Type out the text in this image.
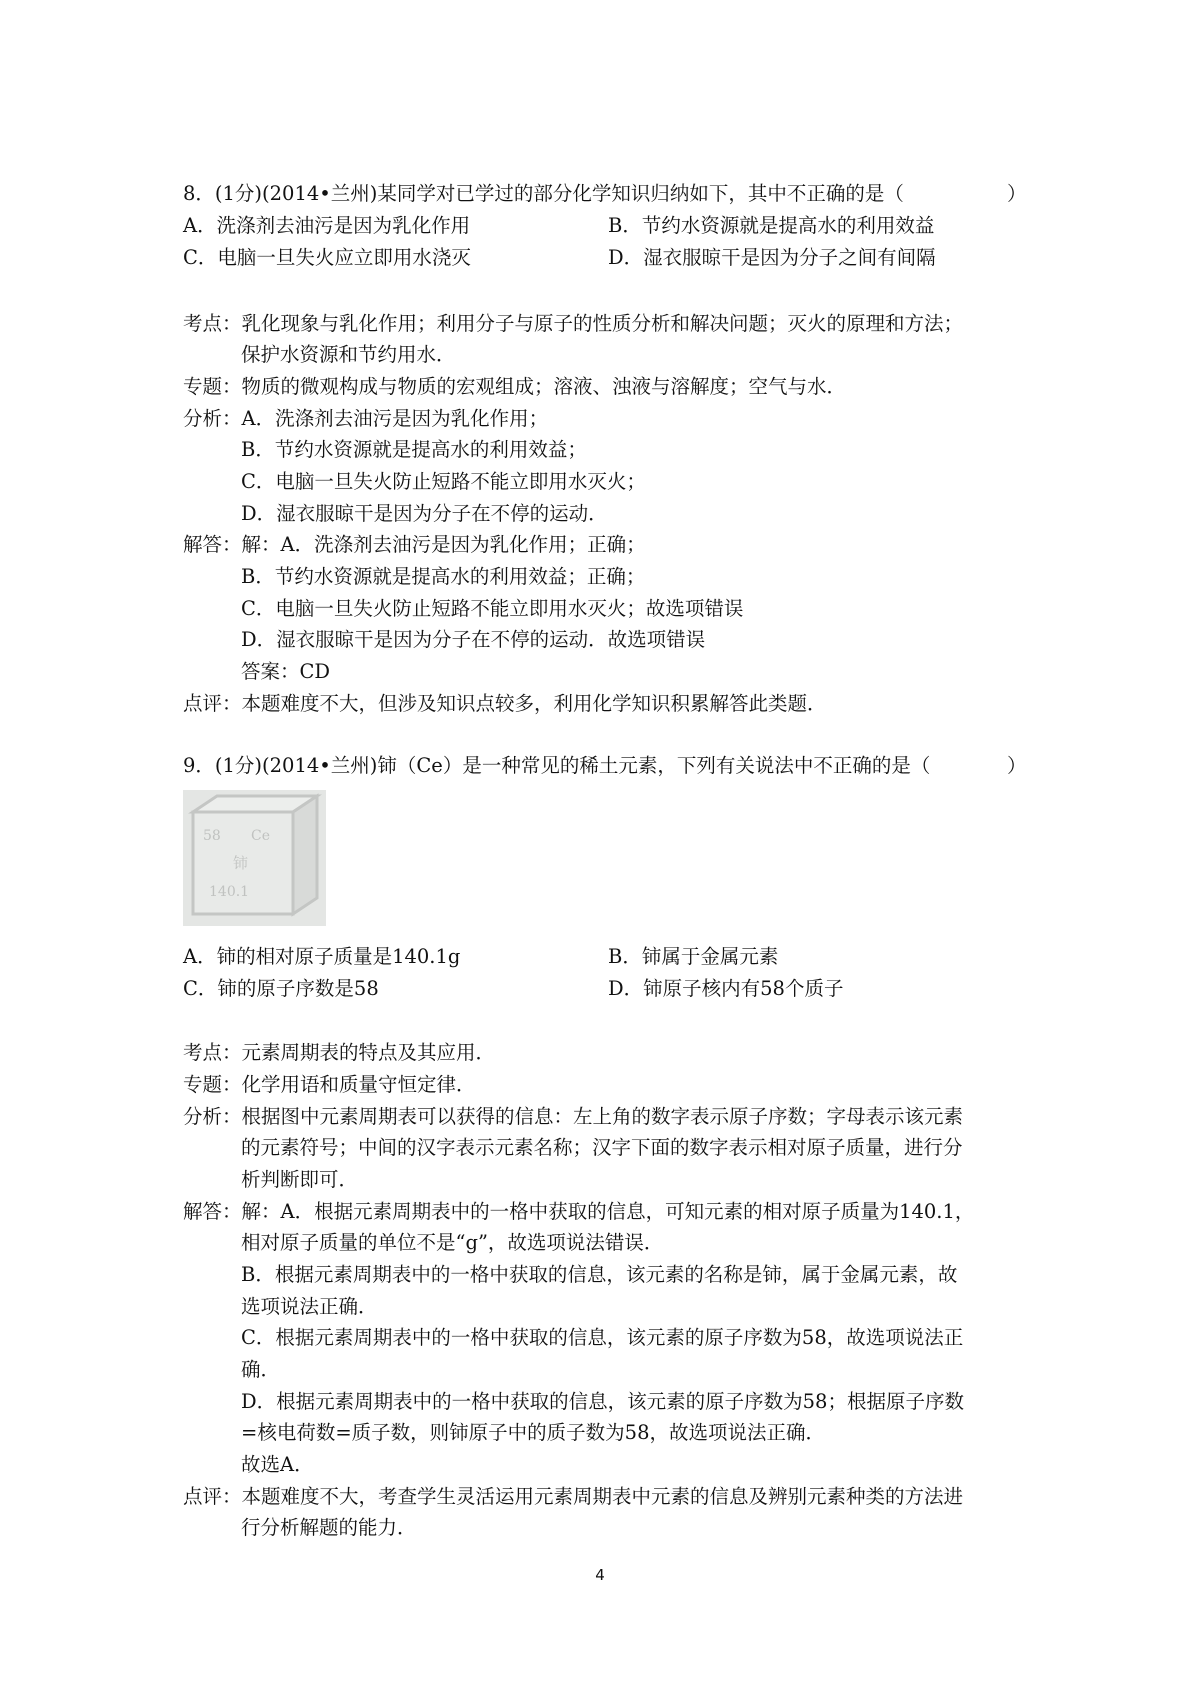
8．(1分)(2014•兰州)某同学对已学过的部分化学知识归纳如下，其中不正确的是（	）
A．洗涤剂去油污是因为乳化作用	B．节约水资源就是提高水的利用效益
C．电脑一旦失火应立即用水浇灭	D．湿衣服晾干是因为分子之间有间隔
考点：乳化现象与乳化作用；利用分子与原子的性质分析和解决问题；灭火的原理和方法；
保护水资源和节约用水．
专题：物质的微观构成与物质的宏观组成；溶液、浊液与溶解度；空气与水．
分析：A．洗涤剂去油污是因为乳化作用；
B．节约水资源就是提高水的利用效益；
C．电脑一旦失火防止短路不能立即用水灭火；
D．湿衣服晾干是因为分子在不停的运动．
解答：解：A．洗涤剂去油污是因为乳化作用；正确；
B．节约水资源就是提高水的利用效益；正确；
C．电脑一旦失火防止短路不能立即用水灭火；故选项错误
D．湿衣服晾干是因为分子在不停的运动．故选项错误
答案：CD
点评：本题难度不大，但涉及知识点较多，利用化学知识积累解答此类题．
9．(1分)(2014•兰州)铈（Ce）是一种常见的稀土元素，下列有关说法中不正确的是（	）
58 Ce
铈
140.1
A．铈的相对原子质量是140.1g	B．铈属于金属元素
C．铈的原子序数是58	D．铈原子核内有58个质子
考点：元素周期表的特点及其应用．
专题：化学用语和质量守恒定律．
分析：根据图中元素周期表可以获得的信息：左上角的数字表示原子序数；字母表示该元素
的元素符号；中间的汉字表示元素名称；汉字下面的数字表示相对原子质量，进行分
析判断即可．
解答：解：A．根据元素周期表中的一格中获取的信息，可知元素的相对原子质量为140.1，
相对原子质量的单位不是“g”，故选项说法错误．
B．根据元素周期表中的一格中获取的信息，该元素的名称是铈，属于金属元素，故
选项说法正确．
C．根据元素周期表中的一格中获取的信息，该元素的原子序数为58，故选项说法正
确．
D．根据元素周期表中的一格中获取的信息，该元素的原子序数为58；根据原子序数
=核电荷数=质子数，则铈原子中的质子数为58，故选项说法正确．
故选A．
点评：本题难度不大，考查学生灵活运用元素周期表中元素的信息及辨别元素种类的方法进
行分析解题的能力．
4
